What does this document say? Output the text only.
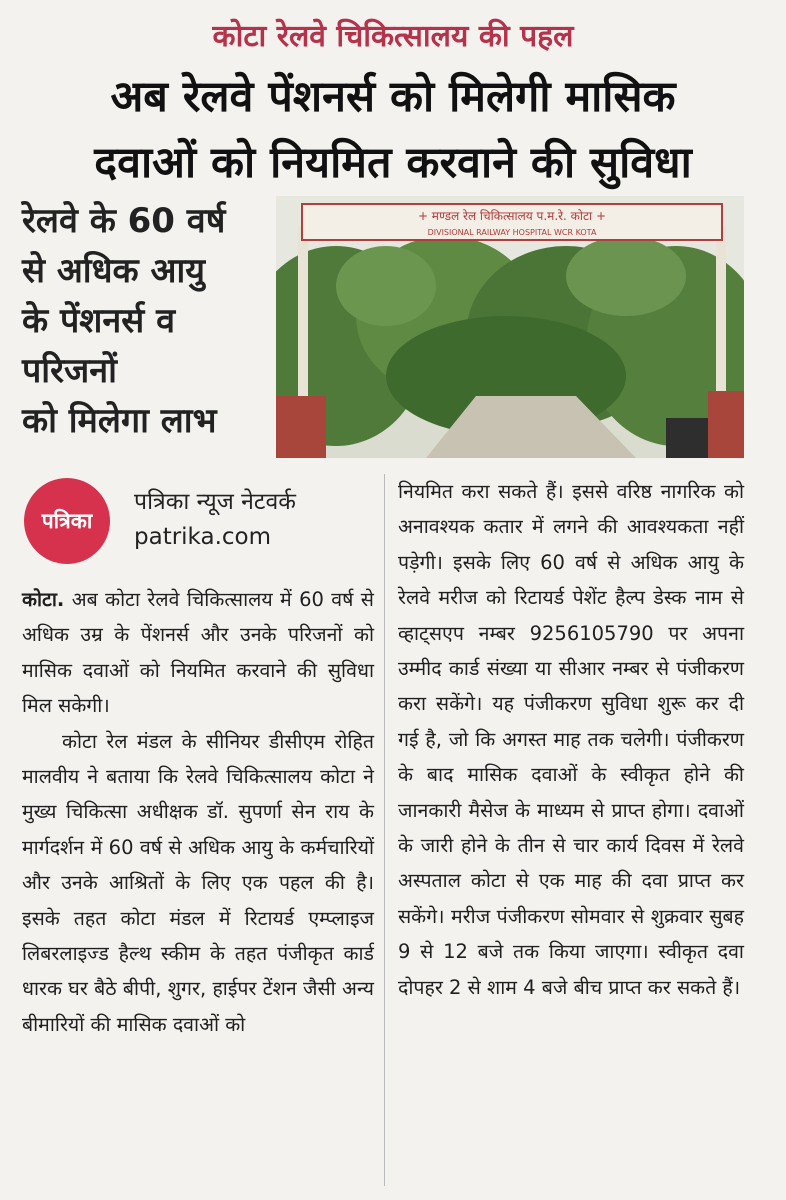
कोटा रेलवे चिकित्सालय की पहल
अब रेलवे पेंशनर्स को मिलेगी मासिक
दवाओं को नियमित करवाने की सुविधा
रेलवे के 60 वर्ष
से अधिक आयु
के पेंशनर्स व
परिजनों
को मिलेगा लाभ
+ मण्डल रेल चिकित्सालय प.म.रे. कोटा +
DIVISIONAL RAILWAY HOSPITAL WCR KOTA
पत्रिका
पत्रिका न्यूज नेटवर्क
patrika.com

कोटा. अब कोटा रेलवे चिकित्सालय में 60 वर्ष से अधिक उम्र के पेंशनर्स और उनके परिजनों को मासिक दवाओं को नियमित करवाने की सुविधा मिल सकेगी।

कोटा रेल मंडल के सीनियर डीसीएम रोहित मालवीय ने बताया कि रेलवे चिकित्सालय कोटा ने मुख्य चिकित्सा अधीक्षक डॉ. सुपर्णा सेन राय के मार्गदर्शन में 60 वर्ष से अधिक आयु के कर्मचारियों और उनके आश्रितों के लिए एक पहल की है। इसके तहत कोटा मंडल में रिटायर्ड एम्प्लाइज लिबरलाइज्ड हैल्थ स्कीम के तहत पंजीकृत कार्ड धारक घर बैठे बीपी, शुगर, हाईपर टेंशन जैसी अन्य बीमारियों की मासिक दवाओं को

नियमित करा सकते हैं। इससे वरिष्ठ नागरिक को अनावश्यक कतार में लगने की आवश्यकता नहीं पड़ेगी। इसके लिए 60 वर्ष से अधिक आयु के रेलवे मरीज को रिटायर्ड पेशेंट हैल्प डेस्क नाम से व्हाट्सएप नम्बर 9256105790 पर अपना उम्मीद कार्ड संख्या या सीआर नम्बर से पंजीकरण करा सकेंगे। यह पंजीकरण सुविधा शुरू कर दी गई है, जो कि अगस्त माह तक चलेगी। पंजीकरण के बाद मासिक दवाओं के स्वीकृत होने की जानकारी मैसेज के माध्यम से प्राप्त होगा। दवाओं के जारी होने के तीन से चार कार्य दिवस में रेलवे अस्पताल कोटा से एक माह की दवा प्राप्त कर सकेंगे। मरीज पंजीकरण सोमवार से शुक्रवार सुबह 9 से 12 बजे तक किया जाएगा। स्वीकृत दवा दोपहर 2 से शाम 4 बजे बीच प्राप्त कर सकते हैं।
